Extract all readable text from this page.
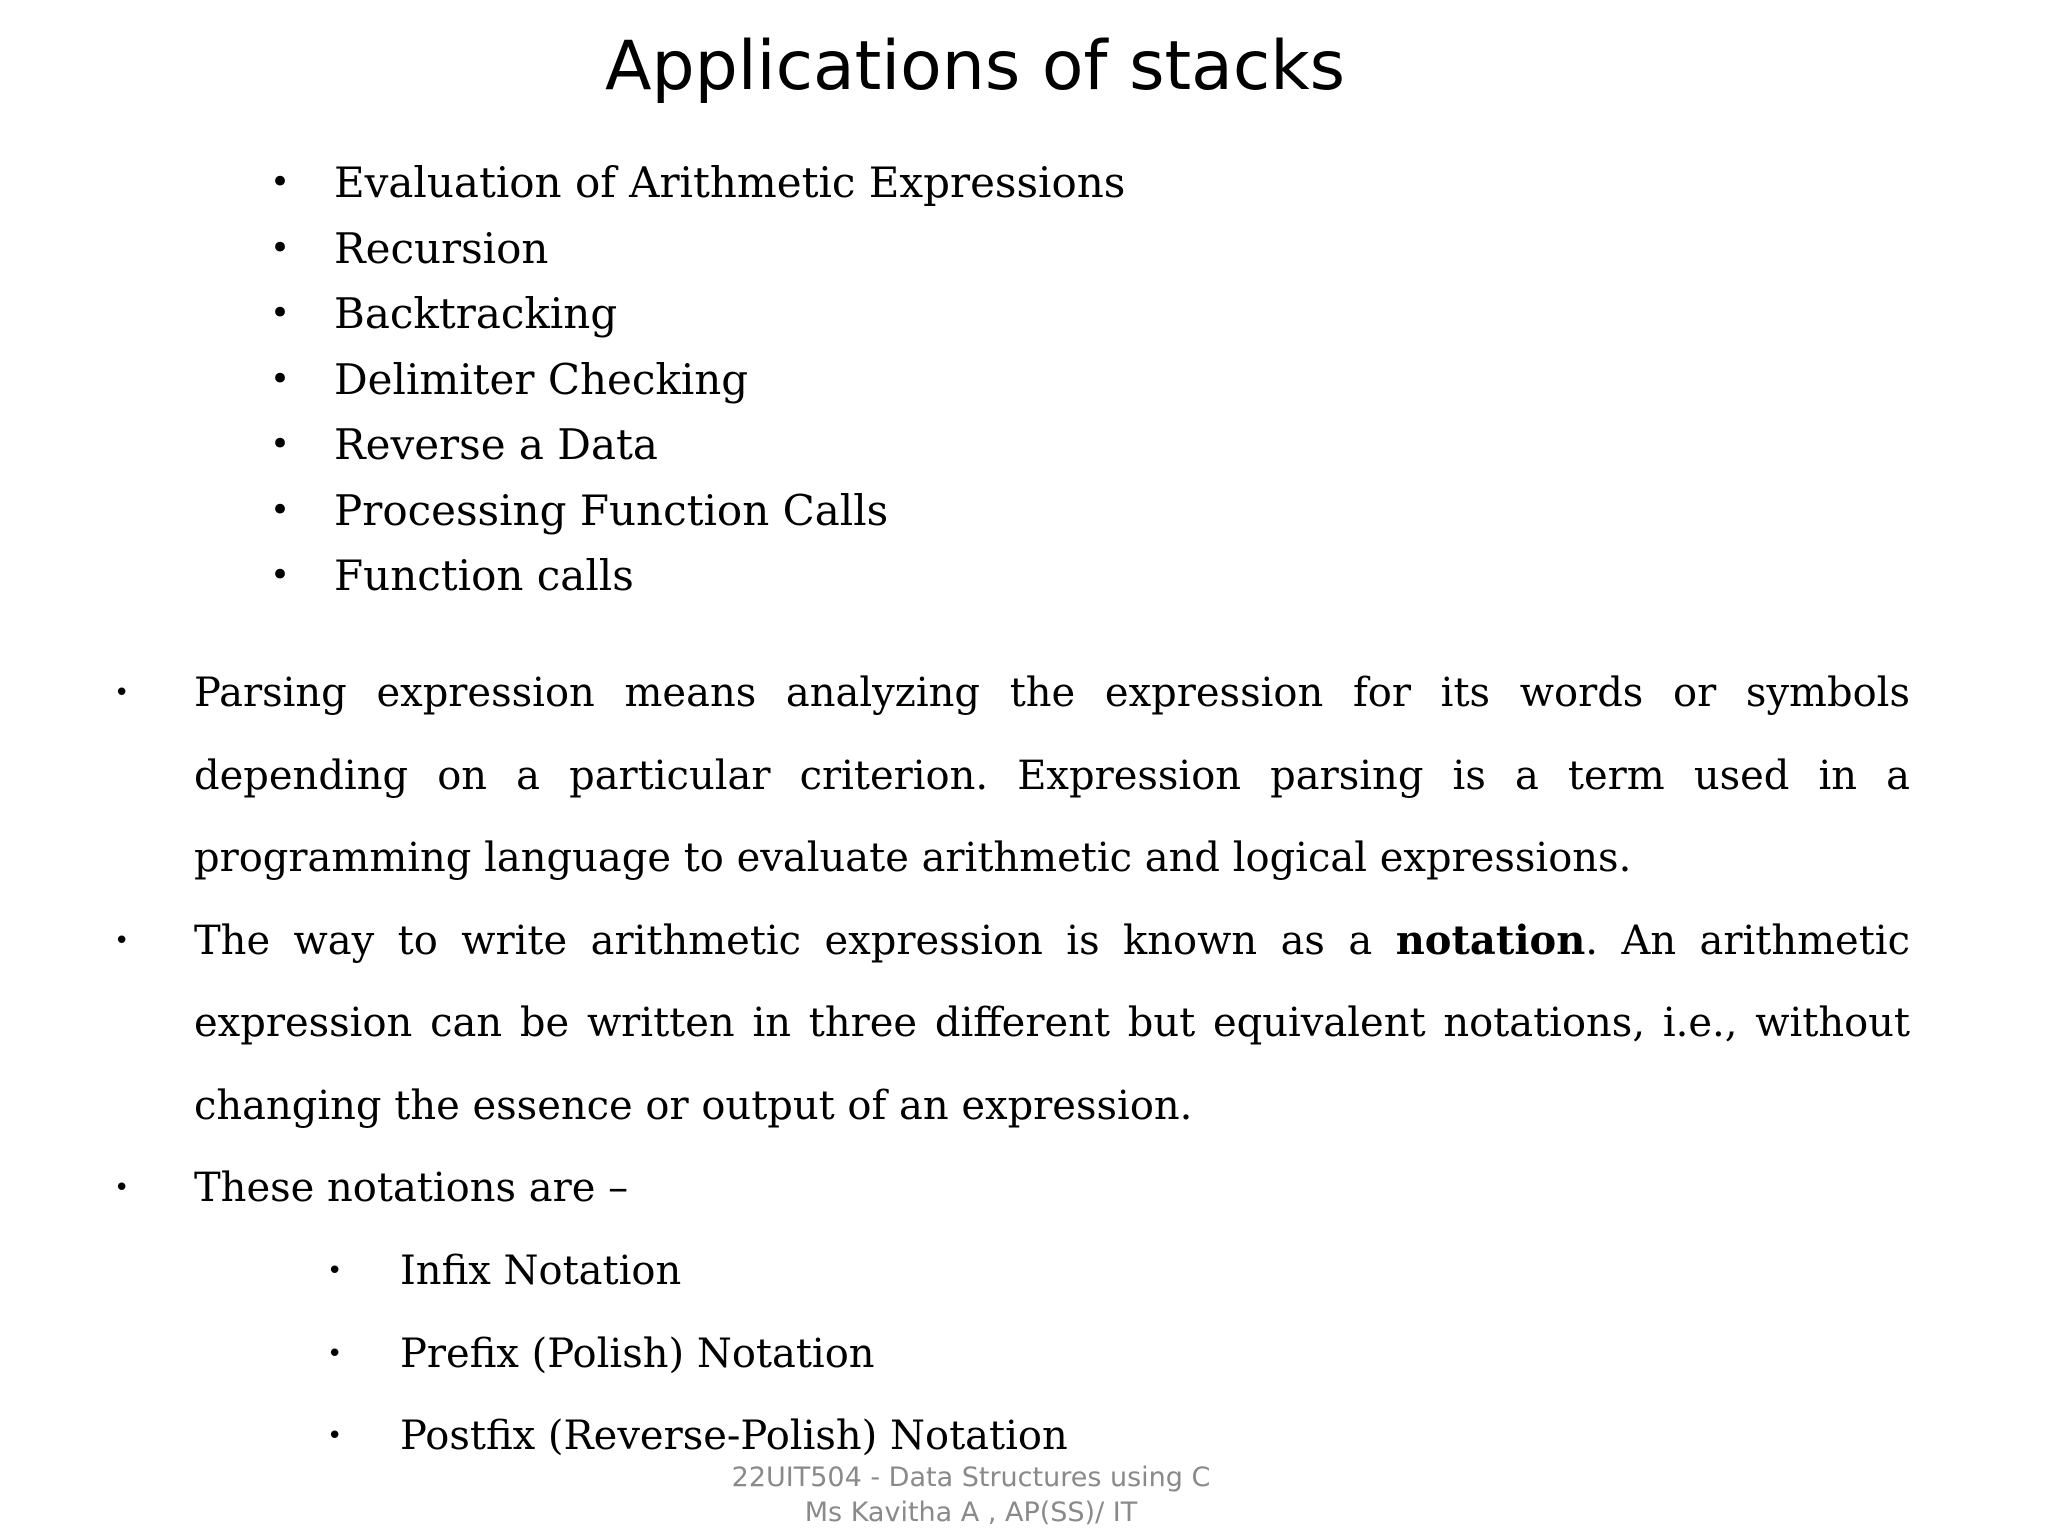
Applications of stacks
• Evaluation of Arithmetic Expressions
• Recursion
• Backtracking
• Delimiter Checking
• Reverse a Data
• Processing Function Calls
• Function calls
• Parsing expression means analyzing the expression for its words or symbols depending on a particular criterion. Expression parsing is a term used in a programming language to evaluate arithmetic and logical expressions.
• The way to write arithmetic expression is known as a notation. An arithmetic expression can be written in three different but equivalent notations, i.e., without changing the essence or output of an expression.
• These notations are –
• Infix Notation
• Prefix (Polish) Notation
• Postfix (Reverse-Polish) Notation
22UIT504 - Data Structures using C
Ms Kavitha A , AP(SS)/ IT
